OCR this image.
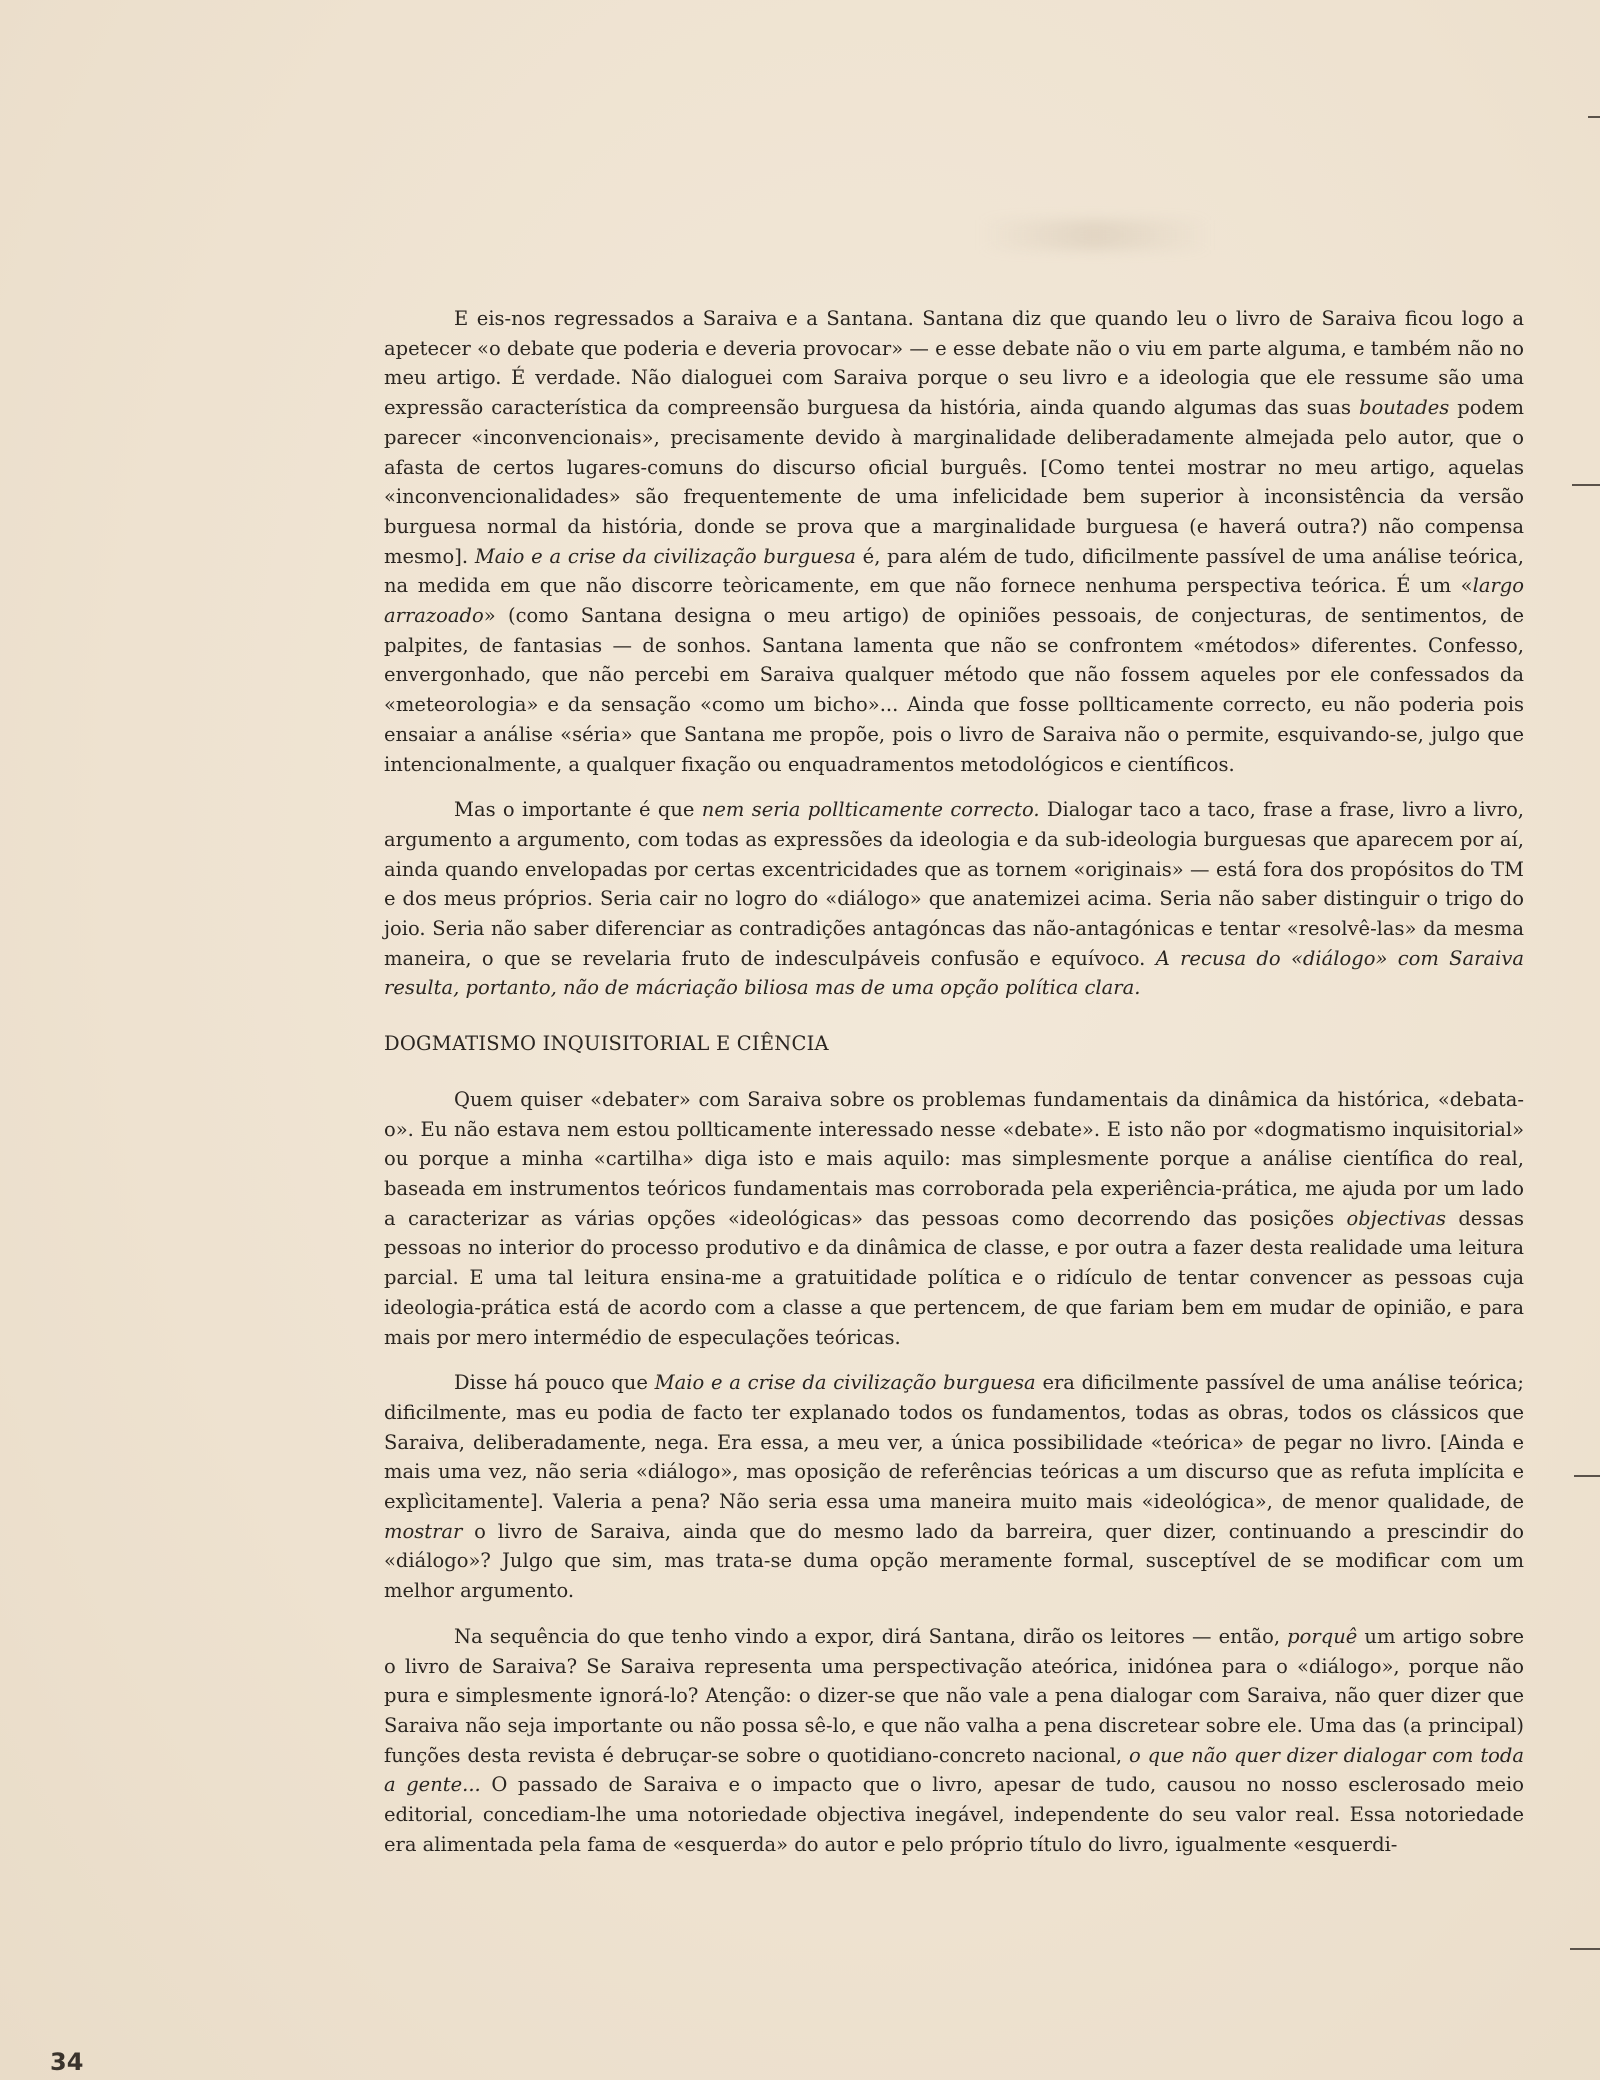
E eis-nos regressados a Saraiva e a Santana. Santana diz que quando leu o livro de Saraiva ficou logo a apetecer «o debate que poderia e deveria provocar» — e esse debate não o viu em parte alguma, e também não no meu artigo. É verdade. Não dialoguei com Saraiva porque o seu livro e a ideologia que ele ressume são uma expressão característica da compreensão burguesa da história, ainda quando algumas das suas boutades podem parecer «inconvencionais», precisamente devido à marginalidade deliberadamente almejada pelo autor, que o afasta de certos lugares-comuns do discurso oficial burguês. [Como tentei mostrar no meu artigo, aquelas «inconvencionalidades» são frequentemente de uma infelicidade bem superior à inconsistência da versão burguesa normal da história, donde se prova que a marginalidade burguesa (e haverá outra?) não compensa mesmo]. Maio e a crise da civilização burguesa é, para além de tudo, dificilmente passível de uma análise teórica, na medida em que não discorre teòricamente, em que não fornece nenhuma perspectiva teórica. É um «largo arrazoado» (como Santana designa o meu artigo) de opiniões pessoais, de conjecturas, de sentimentos, de palpites, de fantasias — de sonhos. Santana lamenta que não se confrontem «métodos» diferentes. Confesso, envergonhado, que não percebi em Saraiva qualquer método que não fossem aqueles por ele confessados da «meteorologia» e da sensação «como um bicho»... Ainda que fosse pollticamente correcto, eu não poderia pois ensaiar a análise «séria» que Santana me propõe, pois o livro de Saraiva não o permite, esquivando-se, julgo que intencionalmente, a qualquer fixação ou enquadramentos metodológicos e científicos.

Mas o importante é que nem seria pollticamente correcto. Dialogar taco a taco, frase a frase, livro a livro, argumento a argumento, com todas as expressões da ideologia e da sub-ideologia burguesas que aparecem por aí, ainda quando envelopadas por certas excentricidades que as tornem «originais» — está fora dos propósitos do TM e dos meus próprios. Seria cair no logro do «diálogo» que anatemizei acima. Seria não saber distinguir o trigo do joio. Seria não saber diferenciar as contradições antagóncas das não-antagónicas e tentar «resolvê-las» da mesma maneira, o que se revelaria fruto de indesculpáveis confusão e equívoco. A recusa do «diálogo» com Saraiva resulta, portanto, não de mácriação biliosa mas de uma opção política clara.

DOGMATISMO INQUISITORIAL E CIÊNCIA

Quem quiser «debater» com Saraiva sobre os problemas fundamentais da dinâmica da histórica, «debata-o». Eu não estava nem estou pollticamente interessado nesse «debate». E isto não por «dogmatismo inquisitorial» ou porque a minha «cartilha» diga isto e mais aquilo: mas simplesmente porque a análise científica do real, baseada em instrumentos teóricos fundamentais mas corroborada pela experiência-prática, me ajuda por um lado a caracterizar as várias opções «ideológicas» das pessoas como decorrendo das posições objectivas dessas pessoas no interior do processo produtivo e da dinâmica de classe, e por outra a fazer desta realidade uma leitura parcial. E uma tal leitura ensina-me a gratuitidade política e o ridículo de tentar convencer as pessoas cuja ideologia-prática está de acordo com a classe a que pertencem, de que fariam bem em mudar de opinião, e para mais por mero intermédio de especulações teóricas.

Disse há pouco que Maio e a crise da civilização burguesa era dificilmente passível de uma análise teórica; dificilmente, mas eu podia de facto ter explanado todos os fundamentos, todas as obras, todos os clássicos que Saraiva, deliberadamente, nega. Era essa, a meu ver, a única possibilidade «teórica» de pegar no livro. [Ainda e mais uma vez, não seria «diálogo», mas oposição de referências teóricas a um discurso que as refuta implícita e explìcitamente]. Valeria a pena? Não seria essa uma maneira muito mais «ideológica», de menor qualidade, de mostrar o livro de Saraiva, ainda que do mesmo lado da barreira, quer dizer, continuando a prescindir do «diálogo»? Julgo que sim, mas trata-se duma opção meramente formal, susceptível de se modificar com um melhor argumento.

Na sequência do que tenho vindo a expor, dirá Santana, dirão os leitores — então, porquê um artigo sobre o livro de Saraiva? Se Saraiva representa uma perspectivação ateórica, inidónea para o «diálogo», porque não pura e simplesmente ignorá-lo? Atenção: o dizer-se que não vale a pena dialogar com Saraiva, não quer dizer que Saraiva não seja importante ou não possa sê-lo, e que não valha a pena discretear sobre ele. Uma das (a principal) funções desta revista é debruçar-se sobre o quotidiano-concreto nacional, o que não quer dizer dialogar com toda a gente... O passado de Saraiva e o impacto que o livro, apesar de tudo, causou no nosso esclerosado meio editorial, concediam-lhe uma notoriedade objectiva inegável, independente do seu valor real. Essa notoriedade era alimentada pela fama de «esquerda» do autor e pelo próprio título do livro, igualmente «esquerdi-

34
